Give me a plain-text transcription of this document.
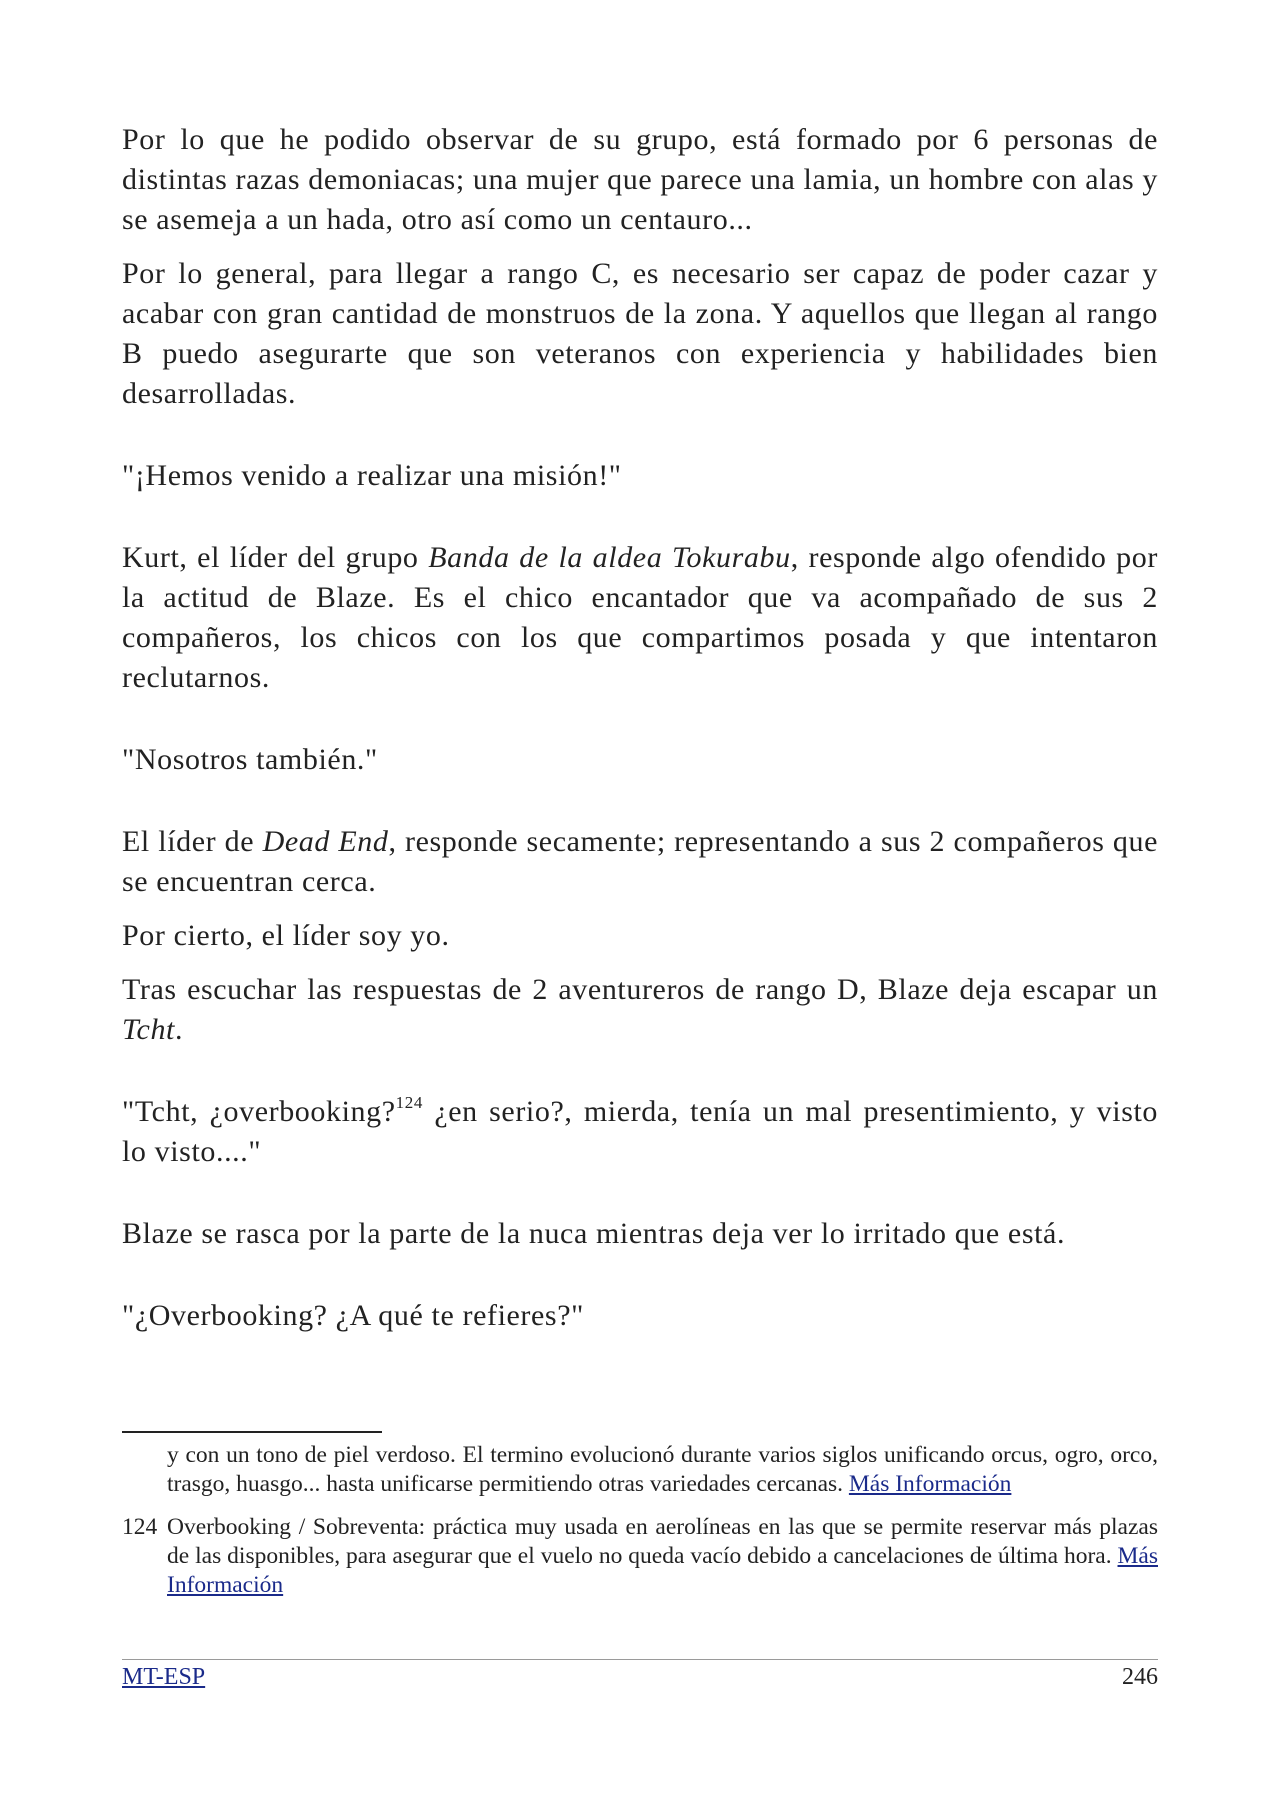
Por lo que he podido observar de su grupo, está formado por 6 personas de distintas razas demoniacas; una mujer que parece una lamia, un hombre con alas y se asemeja a un hada, otro así como un centauro...

Por lo general, para llegar a rango C, es necesario ser capaz de poder cazar y acabar con gran cantidad de monstruos de la zona. Y aquellos que llegan al rango B puedo asegurarte que son veteranos con experiencia y habilidades bien desarrolladas.

"¡Hemos venido a realizar una misión!"

Kurt, el líder del grupo Banda de la aldea Tokurabu, responde algo ofendido por la actitud de Blaze. Es el chico encantador que va acompañado de sus 2 compañeros, los chicos con los que compartimos posada y que intentaron reclutarnos.

"Nosotros también."

El líder de Dead End, responde secamente; representando a sus 2 compañeros que se encuentran cerca.

Por cierto, el líder soy yo.

Tras escuchar las respuestas de 2 aventureros de rango D, Blaze deja escapar un Tcht.

"Tcht, ¿overbooking?$^{124}$ ¿en serio?, mierda, tenía un mal presentimiento, y visto lo visto...."

Blaze se rasca por la parte de la nuca mientras deja ver lo irritado que está.

"¿Overbooking? ¿A qué te refieres?"

y con un tono de piel verdoso. El termino evolucionó durante varios siglos unificando orcus, ogro, orco, trasgo, huasgo... hasta unificarse permitiendo otras variedades cercanas. Más Información

124 Overbooking / Sobreventa: práctica muy usada en aerolíneas en las que se permite reservar más plazas de las disponibles, para asegurar que el vuelo no queda vacío debido a cancelaciones de última hora. Más Información

MT-ESP	246
